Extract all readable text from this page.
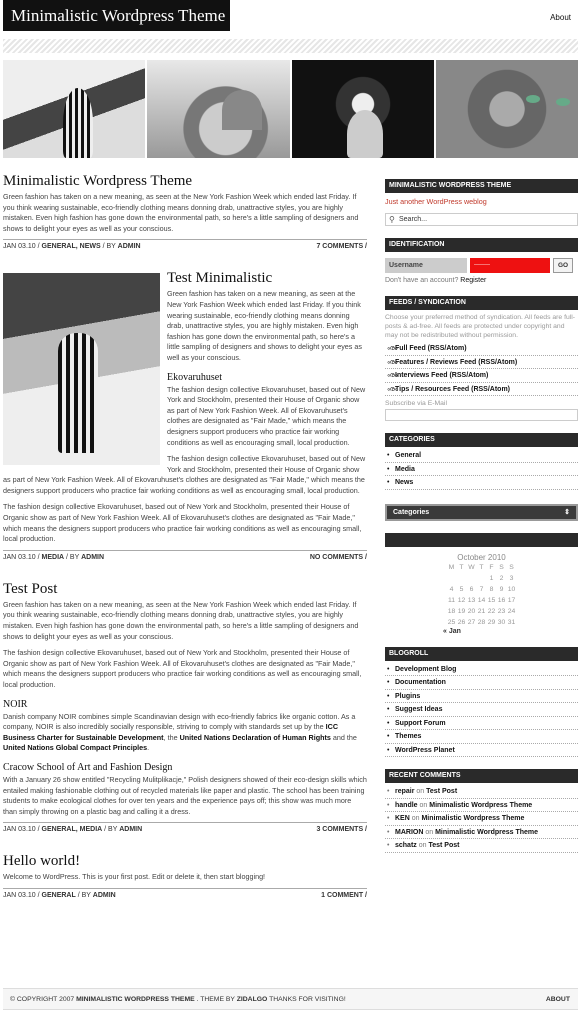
Minimalistic Wordpress Theme	About
Minimalistic Wordpress Theme

Green fashion has taken on a new meaning, as seen at the New York Fashion Week which ended last Friday. If you think wearing sustainable, eco-friendly clothing means donning drab, unattractive styles, you are highly mistaken. Even high fashion has gone down the environmental path, so here's a little sampling of designers and shows to delight your eyes as well as your conscious.

JAN 03.10 / GENERAL, NEWS / BY ADMIN	7 COMMENTS /
Test Minimalistic

Green fashion has taken on a new meaning, as seen at the New York Fashion Week which ended last Friday. If you think wearing sustainable, eco-friendly clothing means donning drab, unattractive styles, you are highly mistaken. Even high fashion has gone down the environmental path, so here's a little sampling of designers and shows to delight your eyes as well as your conscious.

Ekovaruhuset

The fashion design collective Ekovaruhuset, based out of New York and Stockholm, presented their House of Organic show as part of New York Fashion Week. All of Ekovaruhuset's clothes are designated as "Fair Made," which means the designers support producers who practice fair working conditions as well as encouraging small, local production.

The fashion design collective Ekovaruhuset, based out of New York and Stockholm, presented their House of Organic show as part of New York Fashion Week. All of Ekovaruhuset's clothes are designated as "Fair Made," which means the designers support producers who practice fair working conditions as well as encouraging small, local production.

The fashion design collective Ekovaruhuset, based out of New York and Stockholm, presented their House of Organic show as part of New York Fashion Week. All of Ekovaruhuset's clothes are designated as "Fair Made," which means the designers support producers who practice fair working conditions as well as encouraging small, local production.

JAN 03.10 / MEDIA / BY ADMIN	NO COMMENTS /
Test Post

Green fashion has taken on a new meaning, as seen at the New York Fashion Week which ended last Friday. If you think wearing sustainable, eco-friendly clothing means donning drab, unattractive styles, you are highly mistaken. Even high fashion has gone down the environmental path, so here's a little sampling of designers and shows to delight your eyes as well as your conscious.

The fashion design collective Ekovaruhuset, based out of New York and Stockholm, presented their House of Organic show as part of New York Fashion Week. All of Ekovaruhuset's clothes are designated as "Fair Made," which means the designers support producers who practice fair working conditions as well as encouraging small, local production.

NOIR

Danish company NOIR combines simple Scandinavian design with eco-friendly fabrics like organic cotton. As a company, NOIR is also incredibly socially responsible, striving to comply with standards set up by the ICC Business Charter for Sustainable Development, the United Nations Declaration of Human Rights and the United Nations Global Compact Principles.

Cracow School of Art and Fashion Design

With a January 26 show entitled "Recycling Mulitplikacje," Polish designers showed of their eco-design skills which entailed making fashionable clothing out of recycled materials like paper and plastic. The school has been training students to make ecological clothes for over ten years and the experience pays off; this show was much more than simply throwing on a plastic bag and calling it a dress.

JAN 03.10 / GENERAL, MEDIA / BY ADMIN	3 COMMENTS /
Hello world!

Welcome to WordPress. This is your first post. Edit or delete it, then start blogging!

JAN 03.10 / GENERAL / BY ADMIN	1 COMMENT /
MINIMALISTIC WORDPRESS THEME
Just another WordPress weblog
⚲ Search...
IDENTIFICATION
Username	--------	GO
Don't have an account? Register
FEEDS / SYNDICATION
Choose your preferred method of syndication. All feeds are full-posts & ad-free. All feeds are protected under copyright and may not be redistributed without permission.
ൟFull Feed (RSS/Atom)
ൟFeatures / Reviews Feed (RSS/Atom)
ൟInterviews Feed (RSS/Atom)
ൟTips / Resources Feed (RSS/Atom)
Subscribe via E-Mail
CATEGORIES
• General
• Media
• News
Categories	⇕
October 2010
M	T	W	T	F	S	S
				1	2	3
4	5	6	7	8	9	10
11	12	13	14	15	16	17
18	19	20	21	22	23	24
25	26	27	28	29	30	31
« Jan
BLOGROLL
• Development Blog
• Documentation
• Plugins
• Suggest Ideas
• Support Forum
• Themes
• WordPress Planet
RECENT COMMENTS
• repair on Test Post
• handle on Minimalistic Wordpress Theme
• KEN on Minimalistic Wordpress Theme
• MARION on Minimalistic Wordpress Theme
• schatz on Test Post
© COPYRIGHT 2007 MINIMALISTIC WORDPRESS THEME . THEME BY ZIDALGO THANKS FOR VISITING!	ABOUT
